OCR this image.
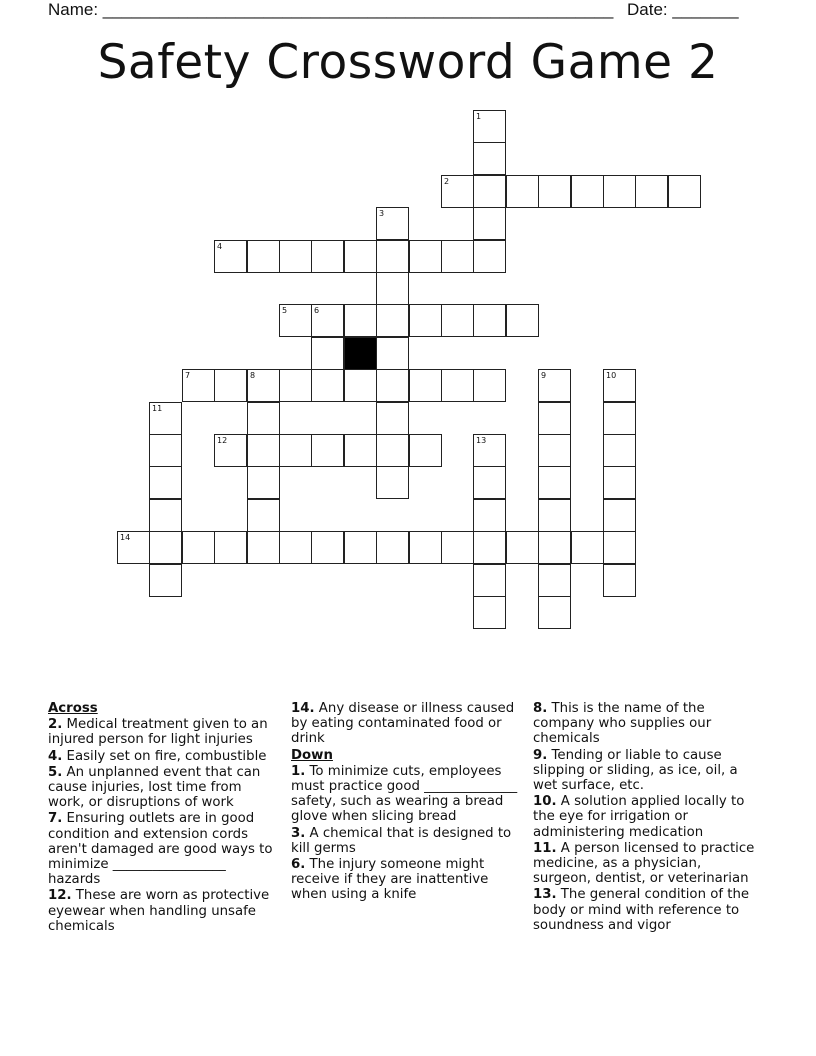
Name: ______________________________________________________ Date: _______
Safety Crossword Game 2
2
4
5	6
7	8
12
14
1
3
9	10
11
13
Across
2. Medical treatment given to an injured person for light injuries
4. Easily set on fire, combustible
5. An unplanned event that can cause injuries, lost time from work, or disruptions of work
7. Ensuring outlets are in good condition and extension cords aren't damaged are good ways to minimize _________________ hazards
12. These are worn as protective eyewear when handling unsafe chemicals
14. Any disease or illness caused by eating contaminated food or drink
Down
1. To minimize cuts, employees must practice good ______________ safety, such as wearing a bread glove when slicing bread
3. A chemical that is designed to kill germs
6. The injury someone might receive if they are inattentive when using a knife
8. This is the name of the company who supplies our chemicals
9. Tending or liable to cause slipping or sliding, as ice, oil, a wet surface, etc.
10. A solution applied locally to the eye for irrigation or administering medication
11. A person licensed to practice medicine, as a physician, surgeon, dentist, or veterinarian
13. The general condition of the body or mind with reference to soundness and vigor
